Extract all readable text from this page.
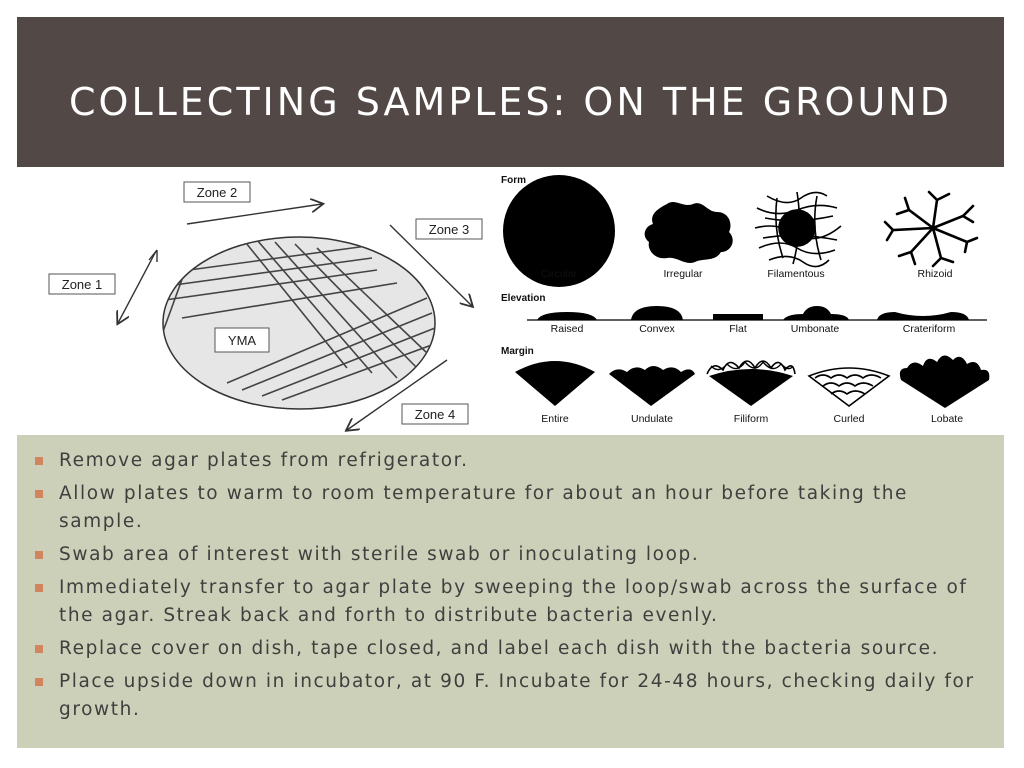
COLLECTING SAMPLES: ON THE GROUND
YMA
Zone 1
Zone 2
Zone 3
Zone 4
Form
Circular	Irregular	Filamentous	Rhizoid
Elevation
Raised	Convex	Flat	Umbonate	Crateriform
Margin
Entire	Undulate	Filiform	Curled	Lobate
Remove agar plates from refrigerator.
Allow plates to warm to room temperature for about an hour before taking the sample.
Swab area of interest with sterile swab or inoculating loop.
Immediately transfer to agar plate by sweeping the loop/swab across the surface of the agar. Streak back and forth to distribute bacteria evenly.
Replace cover on dish, tape closed, and label each dish with the bacteria source.
Place upside down in incubator, at 90 F. Incubate for 24-48 hours, checking daily for growth.
